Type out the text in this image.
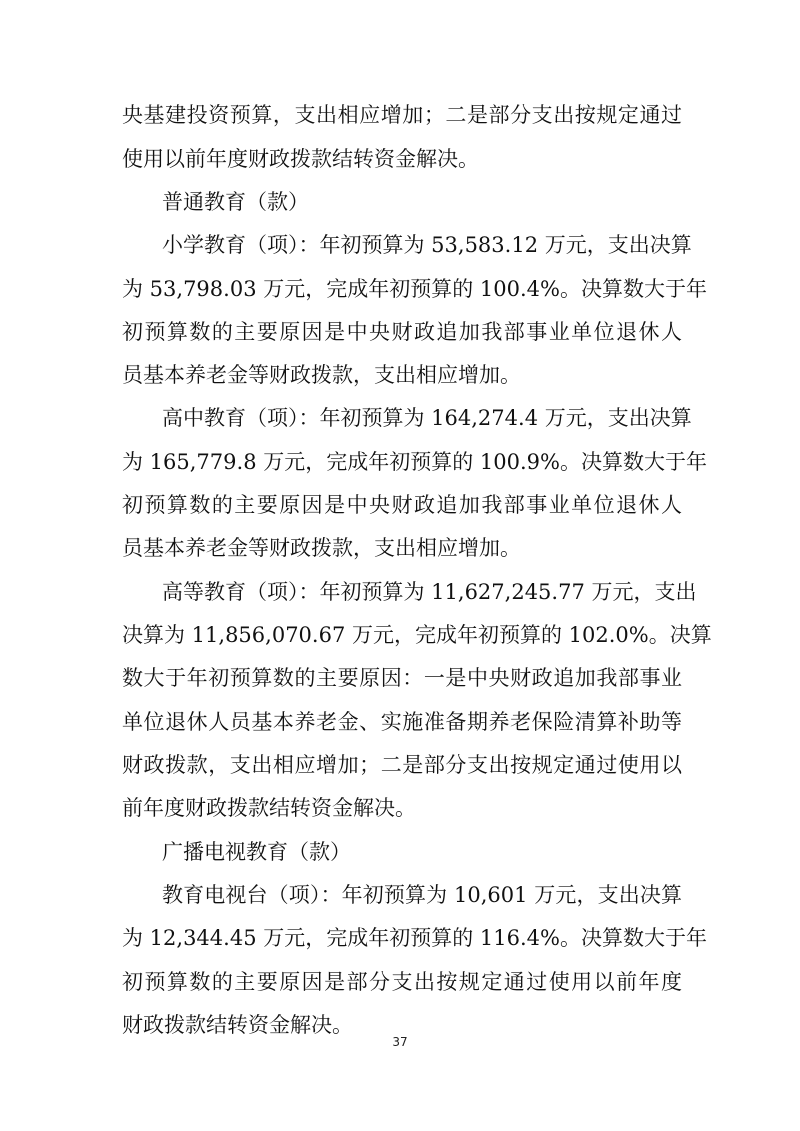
央基建投资预算，支出相应增加；二是部分支出按规定通过
使用以前年度财政拨款结转资金解决。
普通教育（款）
小学教育（项）：年初预算为 53,583.12 万元，支出决算
为 53,798.03 万元，完成年初预算的 100.4%。决算数大于年
初预算数的主要原因是中央财政追加我部事业单位退休人
员基本养老金等财政拨款，支出相应增加。
高中教育（项）：年初预算为 164,274.4 万元，支出决算
为 165,779.8 万元，完成年初预算的 100.9%。决算数大于年
初预算数的主要原因是中央财政追加我部事业单位退休人
员基本养老金等财政拨款，支出相应增加。
高等教育（项）：年初预算为 11,627,245.77 万元，支出
决算为 11,856,070.67 万元，完成年初预算的 102.0%。决算
数大于年初预算数的主要原因：一是中央财政追加我部事业
单位退休人员基本养老金、实施准备期养老保险清算补助等
财政拨款，支出相应增加；二是部分支出按规定通过使用以
前年度财政拨款结转资金解决。
广播电视教育（款）
教育电视台（项）：年初预算为 10,601 万元，支出决算
为 12,344.45 万元，完成年初预算的 116.4%。决算数大于年
初预算数的主要原因是部分支出按规定通过使用以前年度
财政拨款结转资金解决。
37
